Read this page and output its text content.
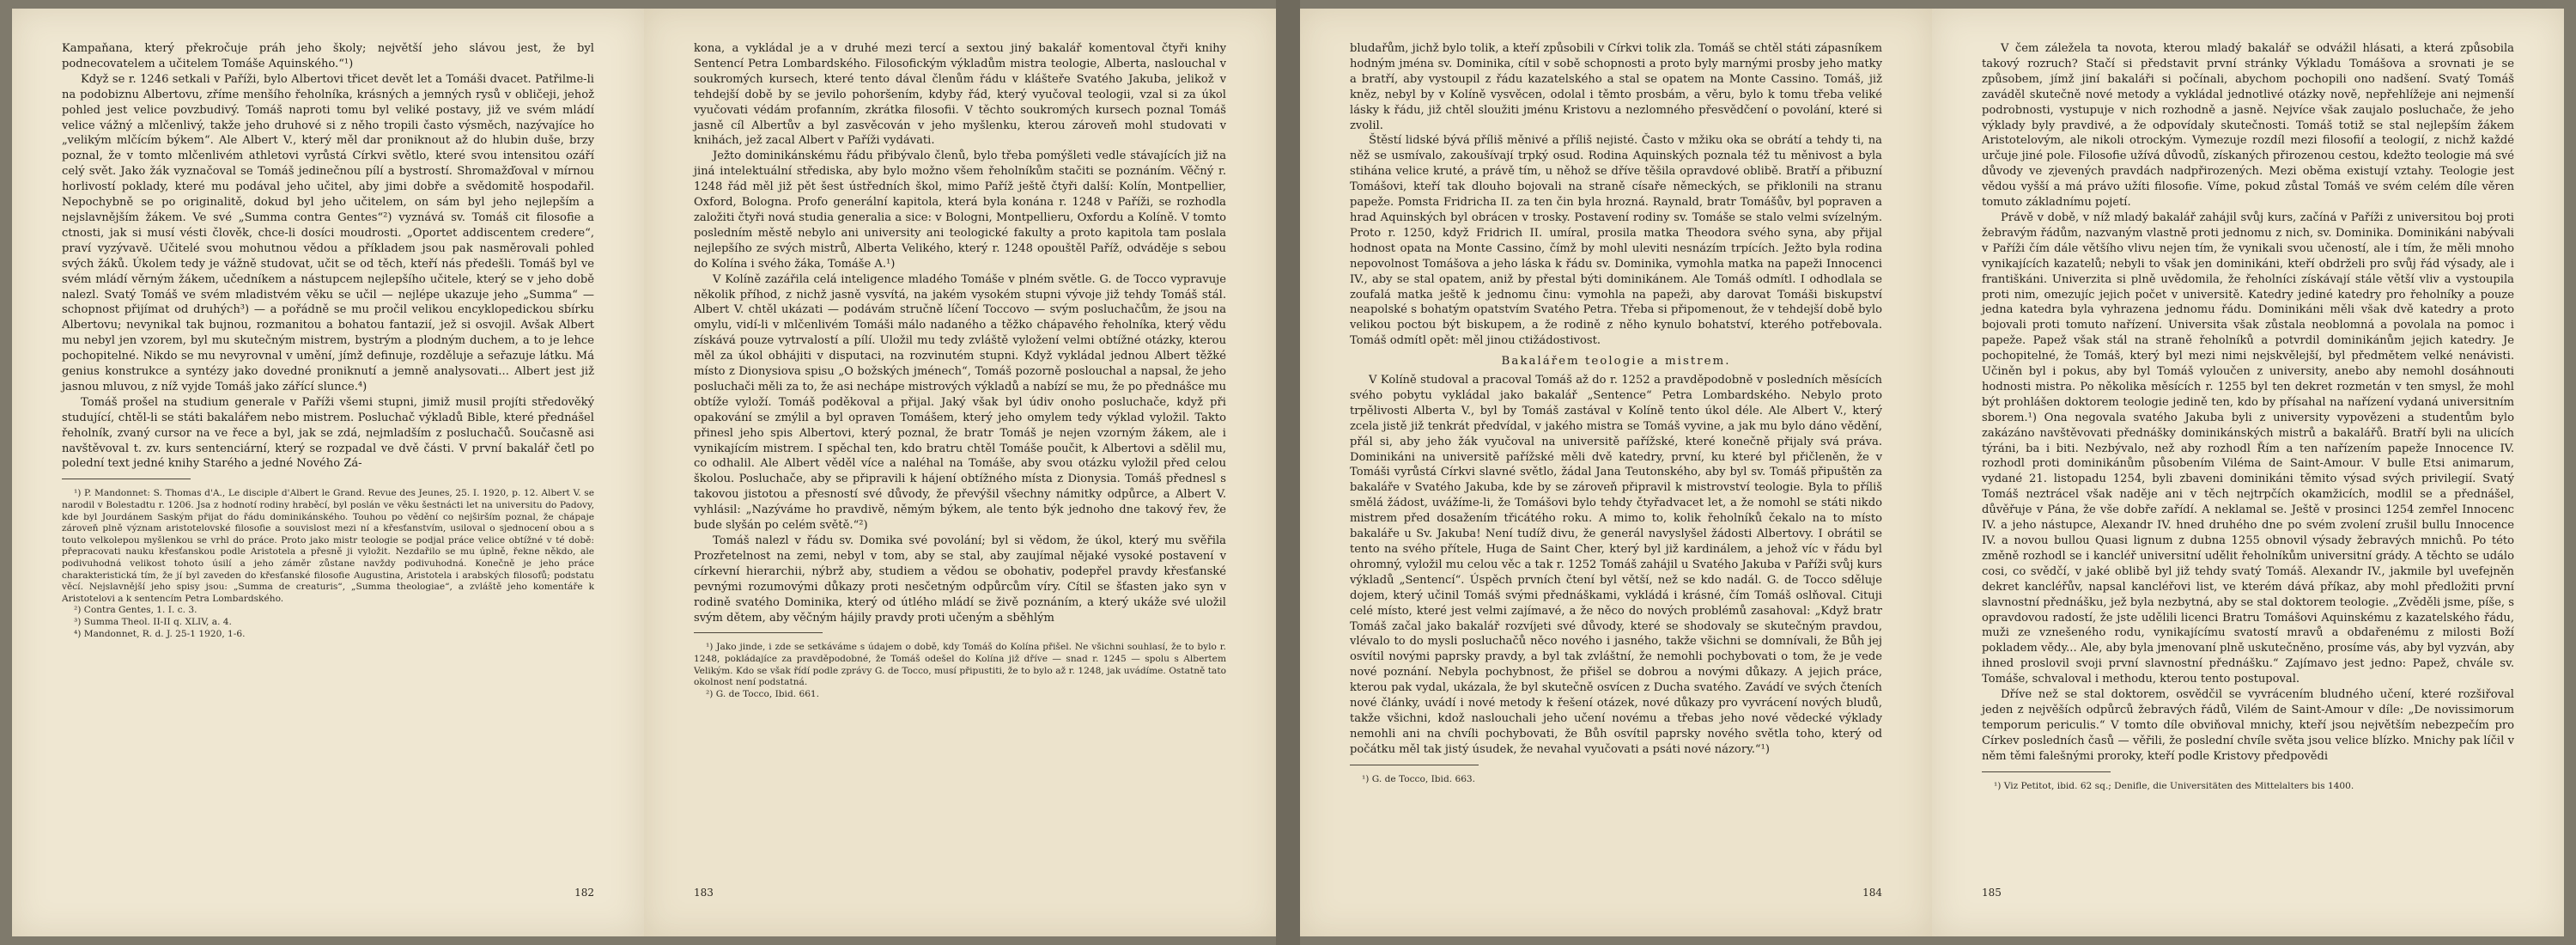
Kampaňana, který překročuje práh jeho školy; největší jeho slávou jest, že byl podnecovatelem a učitelem Tomáše Aquinského.“¹)

Když se r. 1246 setkali v Paříži, bylo Albertovi třicet devět let a Tomáši dvacet. Patřilme-li na podobiznu Albertovu, zříme menšího řeholníka, krásných a jemných rysů v obličeji, jehož pohled jest velice povzbudivý. Tomáš naproti tomu byl veliké postavy, již ve svém mládí velice vážný a mlčenlivý, takže jeho druhové si z něho tropili často výsměch, nazývajíce ho „velikým mlčícím býkem“. Ale Albert V., který měl dar proniknout až do hlubin duše, brzy poznal, že v tomto mlčenlivém athletovi vyrůstá Církvi světlo, které svou intensitou ozáří celý svět. Jako žák vyznačoval se Tomáš jedinečnou pílí a bystrostí. Shromažďoval v mírnou horlivostí poklady, které mu podával jeho učitel, aby jimi dobře a svědomitě hospodařil. Nepochybně se po originalitě, dokud byl jeho učitelem, on sám byl jeho nejlepším a nejslavnějším žákem. Ve své „Summa contra Gentes“²) vyznává sv. Tomáš cit filosofie a ctnosti, jak si musí vésti člověk, chce-li dosíci moudrosti. „Oportet addiscentem credere“, praví vyzývavě. Učitelé svou mohutnou vědou a příkladem jsou pak nasměrovali pohled svých žáků. Úkolem tedy je vážně studovat, učit se od těch, kteří nás předešli. Tomáš byl ve svém mládí věrným žákem, učedníkem a nástupcem nejlepšího učitele, který se v jeho době nalezl. Svatý Tomáš ve svém mladistvém věku se učil — nejlépe ukazuje jeho „Summa“ — schopnost přijímat od druhých³) — a pořádně se mu pročil velikou encyklopedickou sbírku Albertovu; nevynikal tak bujnou, rozmanitou a bohatou fantazií, jež si osvojil. Avšak Albert mu nebyl jen vzorem, byl mu skutečným mistrem, bystrým a plodným duchem, a to je lehce pochopitelné. Nikdo se mu nevyrovnal v umění, jímž definuje, rozděluje a seřazuje látku. Má genius konstrukce a syntézy jako dovedné proniknutí a jemně analysovati... Albert jest již jasnou mluvou, z níž vyjde Tomáš jako zářící slunce.⁴)

Tomáš prošel na studium generale v Paříži všemi stupni, jimiž musil projíti středověký studující, chtěl-li se státi bakalářem nebo mistrem. Posluchač výkladů Bible, které přednášel řeholník, zvaný cursor na ve řece a byl, jak se zdá, nejmladším z posluchačů. Současně asi navštěvoval t. zv. kurs sentenciární, který se rozpadal ve dvě části. V první bakalář četl po polední text jedné knihy Starého a jedné Nového Zá-

¹) P. Mandonnet: S. Thomas d'A., Le disciple d'Albert le Grand. Revue des Jeunes, 25. I. 1920, p. 12. Albert V. se narodil v Bolestadtu r. 1206. Jsa z hodnotí rodiny hraběcí, byl poslán ve věku šestnácti let na universitu do Padovy, kde byl Jourdánem Saským přijat do řádu dominikánského. Touhou po vědění co nejširším poznal, že chápaje zároveň plně význam aristotelovské filosofie a souvislost mezi ní a křesťanstvím, usiloval o sjednocení obou a s touto velkolepou myšlenkou se vrhl do práce. Proto jako mistr teologie se podjal práce velice obtížné v té době: přepracovati nauku křesťanskou podle Aristotela a přesně ji vyložit. Nezdařilo se mu úplně, řekne někdo, ale podivuhodná velikost tohoto úsilí a jeho záměr zůstane navždy podivuhodná. Konečně je jeho práce charakteristická tím, že jí byl zaveden do křesťanské filosofie Augustina, Aristotela i arabských filosofů; podstatu věcí. Nejslavnější jeho spisy jsou: „Summa de creaturis“, „Summa theologiae“, a zvláště jeho komentáře k Aristotelovi a k sentencím Petra Lombardského.

²) Contra Gentes, 1. I. c. 3.

³) Summa Theol. II-II q. XLIV, a. 4.

⁴) Mandonnet, R. d. J. 25-1 1920, 1-6.

182

kona, a vykládal je a v druhé mezi tercí a sextou jiný bakalář komentoval čtyři knihy Sentencí Petra Lombardského. Filosofickým výkladům mistra teologie, Alberta, naslouchal v soukromých kursech, které tento dával členům řádu v klášteře Svatého Jakuba, jelikož v tehdejší době by se jevilo pohoršením, kdyby řád, který vyučoval teologii, vzal si za úkol vyučovati védám profanním, zkrátka filosofii. V těchto soukromých kursech poznal Tomáš jasně cíl Albertův a byl zasvěcován v jeho myšlenku, kterou zároveň mohl studovati v knihách, jež zacal Albert v Paříži vydávati.

Ježto dominikánskému řádu přibývalo členů, bylo třeba pomýšleti vedle stávajících již na jiná intelektuální střediska, aby bylo možno všem řeholníkům stačiti se poznáním. Věčný r. 1248 řád měl již pět šest ústředních škol, mimo Paříž ještě čtyři další: Kolín, Montpellier, Oxford, Bologna. Profo generální kapitola, která byla konána r. 1248 v Paříži, se rozhodla založiti čtyři nová studia generalia a sice: v Bologni, Montpellieru, Oxfordu a Kolíně. V tomto posledním městě nebylo ani university ani teologické fakulty a proto kapitola tam poslala nejlepšího ze svých mistrů, Alberta Velikého, který r. 1248 opouštěl Paříž, odváděje s sebou do Kolína i svého žáka, Tomáše A.¹)

V Kolíně zazářila celá inteligence mladého Tomáše v plném světle. G. de Tocco vypravuje několik příhod, z nichž jasně vysvítá, na jakém vysokém stupni vývoje již tehdy Tomáš stál. Albert V. chtěl ukázati — podávám stručně líčení Toccovo — svým posluchačům, že jsou na omylu, vidí-li v mlčenlivém Tomáši málo nadaného a těžko chápavého řeholníka, který vědu získává pouze vytrvalostí a pílí. Uložil mu tedy zvláště vyložení velmi obtížné otázky, kterou měl za úkol obhájiti v disputaci, na rozvinutém stupni. Když vykládal jednou Albert těžké místo z Dionysiova spisu „O božských jménech“, Tomáš pozorně poslouchal a napsal, že jeho posluchači měli za to, že asi nechápe mistrových výkladů a nabízí se mu, že po přednášce mu obtíže vyloží. Tomáš poděkoval a přijal. Jaký však byl údiv onoho posluchače, když při opakování se zmýlil a byl opraven Tomášem, který jeho omylem tedy výklad vyložil. Takto přinesl jeho spis Albertovi, který poznal, že bratr Tomáš je nejen vzorným žákem, ale i vynikajícím mistrem. I spěchal ten, kdo bratru chtěl Tomáše poučit, k Albertovi a sdělil mu, co odhalil. Ale Albert věděl více a naléhal na Tomáše, aby svou otázku vyložil před celou školou. Posluchače, aby se připravili k hájení obtížného místa z Dionysia. Tomáš přednesl s takovou jistotou a přesností své důvody, že převýšil všechny námitky odpůrce, a Albert V. vyhlásil: „Nazýváme ho pravdivě, němým býkem, ale tento býk jednoho dne takový řev, že bude slyšán po celém světě.“²)

Tomáš nalezl v řádu sv. Domika své povolání; byl si vědom, že úkol, který mu svěřila Prozřetelnost na zemi, nebyl v tom, aby se stal, aby zaujímal nějaké vysoké postavení v církevní hierarchii, nýbrž aby, studiem a vědou se obohativ, podepřel pravdy křesťanské pevnými rozumovými důkazy proti nesčetným odpůrcům víry. Cítil se šťasten jako syn v rodině svatého Dominika, který od útlého mládí se živě poznáním, a který ukáže své uložil svým dětem, aby věčným hájily pravdy proti učeným a sběhlým

¹) Jako jinde, i zde se setkáváme s údajem o době, kdy Tomáš do Kolína přišel. Ne všichni souhlasí, že to bylo r. 1248, pokládajíce za pravděpodobné, že Tomáš odešel do Kolína již dříve — snad r. 1245 — spolu s Albertem Velikým. Kdo se však řídí podle zprávy G. de Tocco, musí připustiti, že to bylo až r. 1248, jak uvádíme. Ostatně tato okolnost není podstatná.

²) G. de Tocco, Ibid. 661.

183

bludařům, jichž bylo tolik, a kteří způsobili v Církvi tolik zla. Tomáš se chtěl státi zápasníkem hodným jména sv. Dominika, cítil v sobě schopnosti a proto byly marnými prosby jeho matky a bratří, aby vystoupil z řádu kazatelského a stal se opatem na Monte Cassino. Tomáš, již kněz, nebyl by v Kolíně vysvěcen, odolal i těmto prosbám, a věru, bylo k tomu třeba veliké lásky k řádu, již chtěl sloužiti jménu Kristovu a nezlomného přesvědčení o povolání, které si zvolil.

Štěstí lidské bývá příliš měnivé a příliš nejisté. Často v mžiku oka se obrátí a tehdy ti, na něž se usmívalo, zakoušívají trpký osud. Rodina Aquinských poznala též tu měnivost a byla stihána velice kruté, a právě tím, u něhož se dříve těšila opravdové oblibě. Bratří a přibuzní Tomášovi, kteří tak dlouho bojovali na straně císaře německých, se přiklonili na stranu papeže. Pomsta Fridricha II. za ten čin byla hrozná. Raynald, bratr Tomášův, byl popraven a hrad Aquinských byl obrácen v trosky. Postavení rodiny sv. Tomáše se stalo velmi svízelným. Proto r. 1250, když Fridrich II. umíral, prosila matka Theodora svého syna, aby přijal hodnost opata na Monte Cassino, čímž by mohl uleviti nesnázím trpících. Ježto byla rodina nepovolnost Tomášova a jeho láska k řádu sv. Dominika, vymohla matka na papeži Innocenci IV., aby se stal opatem, aniž by přestal býti dominikánem. Ale Tomáš odmítl. I odhodlala se zoufalá matka ještě k jednomu činu: vymohla na papeži, aby darovat Tomáši biskupství neapolské s bohatým opatstvím Svatého Petra. Třeba si připomenout, že v tehdejší době bylo velikou poctou být biskupem, a že rodině z něho kynulo bohatství, kterého potřebovala. Tomáš odmítl opět: měl jinou ctižádostivost.

Bakalářem teologie a mistrem.

V Kolíně studoval a pracoval Tomáš až do r. 1252 a pravděpodobně v posledních měsících svého pobytu vykládal jako bakalář „Sentence“ Petra Lombardského. Nebylo proto trpělivosti Alberta V., byl by Tomáš zastával v Kolíně tento úkol déle. Ale Albert V., který zcela jistě již tenkrát předvídal, v jakého mistra se Tomáš vyvine, a jak mu bylo dáno vědění, přál si, aby jeho žák vyučoval na universitě pařížské, které konečně přijaly svá práva. Dominikáni na universitě pařížské měli dvě katedry, první, ku které byl přičleněn, že v Tomáši vyrůstá Církvi slavné světlo, žádal Jana Teutonského, aby byl sv. Tomáš připuštěn za bakaláře v Svatého Jakuba, kde by se zároveň připravil k mistrovství teologie. Byla to příliš smělá žádost, uvážíme-li, že Tomášovi bylo tehdy čtyřadvacet let, a že nomohl se státi nikdo mistrem před dosažením třicátého roku. A mimo to, kolik řeholníků čekalo na to místo bakaláře u Sv. Jakuba! Není tudíž divu, že generál navyslyšel žádosti Albertovy. I obrátil se tento na svého přítele, Huga de Saint Cher, který byl již kardinálem, a jehož víc v řádu byl ohromný, vyložil mu celou věc a tak r. 1252 Tomáš zahájil u Svatého Jakuba v Paříži svůj kurs výkladů „Sentencí“. Úspěch prvních čtení byl větší, než se kdo nadál. G. de Tocco sděluje dojem, který učinil Tomáš svými přednáškami, vykládá i krásné, čím Tomáš oslňoval. Cituji celé místo, které jest velmi zajímavé, a že něco do nových problémů zasahoval: „Když bratr Tomáš začal jako bakalář rozvíjeti své důvody, které se shodovaly se skutečným pravdou, vlévalo to do mysli posluchačů něco nového i jasného, takže všichni se domnívali, že Bůh jej osvítil novými paprsky pravdy, a byl tak zvláštní, že nemohli pochybovati o tom, že je vede nové poznání. Nebyla pochybnost, že přišel se dobrou a novými důkazy. A jejich práce, kterou pak vydal, ukázala, že byl skutečně osvícen z Ducha svatého. Zavádí ve svých čteních nové články, uvádí i nové metody k řešení otázek, nové důkazy pro vyvrácení nových bludů, takže všichni, kdož naslouchali jeho učení novému a třebas jeho nové vědecké výklady nemohli ani na chvíli pochybovati, že Bůh osvítil paprsky nového světla toho, který od počátku měl tak jistý úsudek, že nevahal vyučovati a psáti nové názory.“¹)

¹) G. de Tocco, Ibid. 663.

184

V čem záležela ta novota, kterou mladý bakalář se odvážil hlásati, a která způsobila takový rozruch? Stačí si představit první stránky Výkladu Tomášova a srovnati je se způsobem, jímž jiní bakaláři si počínali, abychom pochopili ono nadšení. Svatý Tomáš zaváděl skutečně nové metody a vykládal jednotlivé otázky nově, nepřehlížeje ani nejmenší podrobnosti, vystupuje v nich rozhodně a jasně. Nejvíce však zaujalo posluchače, že jeho výklady byly pravdivé, a že odpovídaly skutečnosti. Tomáš totiž se stal nejlepším žákem Aristotelovým, ale nikoli otrockým. Vymezuje rozdíl mezi filosofií a teologií, z nichž každé určuje jiné pole. Filosofie užívá důvodů, získaných přirozenou cestou, kdežto teologie má své důvody ve zjevených pravdách nadpřirozených. Mezi oběma existují vztahy. Teologie jest vědou vyšší a má právo užíti filosofie. Víme, pokud zůstal Tomáš ve svém celém díle věren tomuto základnímu pojetí.

Právě v době, v níž mladý bakalář zahájil svůj kurs, začíná v Paříži z universitou boj proti žebravým řádům, nazvaným vlastně proti jednomu z nich, sv. Dominika. Dominikáni nabývali v Paříži čím dále většího vlivu nejen tím, že vynikali svou učeností, ale i tím, že měli mnoho vynikajících kazatelů; nebyli to však jen dominikáni, kteří obdrželi pro svůj řád výsady, ale i františkáni. Univerzita si plně uvědomila, že řeholníci získávají stále větší vliv a vystoupila proti nim, omezujíc jejich počet v universitě. Katedry jediné katedry pro řeholníky a pouze jedna katedra byla vyhrazena jednomu řádu. Dominikáni měli však dvě katedry a proto bojovali proti tomuto nařízení. Universita však zůstala neoblomná a povolala na pomoc i papeže. Papež však stál na straně řeholníků a potvrdil dominikánům jejich katedry. Je pochopitelné, že Tomáš, který byl mezi nimi nejskvělejší, byl předmětem velké nenávisti. Učiněn byl i pokus, aby byl Tomáš vyloučen z university, anebo aby nemohl dosáhnouti hodnosti mistra. Po několika měsících r. 1255 byl ten dekret rozmetán v ten smysl, že mohl být prohlášen doktorem teologie jedině ten, kdo by přísahal na nařízení vydaná universitním sborem.¹) Ona negovala svatého Jakuba byli z university vypovězeni a studentům bylo zakázáno navštěvovati přednášky dominikánských mistrů a bakalářů. Bratří byli na ulicích týráni, ba i biti. Nezbývalo, než aby rozhodl Řím a ten nařízením papeže Innocence IV. rozhodl proti dominikánům působením Viléma de Saint-Amour. V bulle Etsi animarum, vydané 21. listopadu 1254, byli zbaveni dominikáni těmito výsad svých privilegií. Svatý Tomáš neztrácel však naděje ani v těch nejtrpčích okamžicích, modlil se a přednášel, důvěřuje v Pána, že vše dobře zařídí. A neklamal se. Ještě v prosinci 1254 zemřel Innocenc IV. a jeho nástupce, Alexandr IV. hned druhého dne po svém zvolení zrušil bullu Innocence IV. a novou bullou Quasi lignum z dubna 1255 obnovil výsady žebravých mnichů. Po této změně rozhodl se i kancléř universitní udělit řeholníkům universitní grády. A těchto se událo cosi, co svědčí, v jaké oblibě byl již tehdy svatý Tomáš. Alexandr IV., jakmile byl uvefejněn dekret kancléřův, napsal kancléřovi list, ve kterém dává příkaz, aby mohl předložiti první slavnostní přednášku, jež byla nezbytná, aby se stal doktorem teologie. „Zvěděli jsme, píše, s opravdovou radostí, že jste udělili licenci Bratru Tomášovi Aquinskému z kazatelského řádu, muži ze vznešeného rodu, vynikajícímu svatostí mravů a obdařenému z milosti Boží pokladem vědy... Ale, aby byla jmenovaní plně uskutečněno, prosíme vás, aby byl vyzván, aby ihned proslovil svoji první slavnostní přednášku.“ Zajímavo jest jedno: Papež, chvále sv. Tomáše, schvaloval i methodu, kterou tento postupoval.

Dříve než se stal doktorem, osvědčil se vyvrácením bludného učení, které rozšiřoval jeden z nejvěších odpůrců žebravých řádů, Vilém de Saint-Amour v díle: „De novissimorum temporum periculis.“ V tomto díle obviňoval mnichy, kteří jsou největším nebezpečím pro Církev posledních časů — věřili, že poslední chvíle světa jsou velice blízko. Mnichy pak líčil v něm těmi falešnými proroky, kteří podle Kristovy předpovědi

¹) Viz Petitot, ibid. 62 sq.; Denifle, die Universitäten des Mittelalters bis 1400.

185
